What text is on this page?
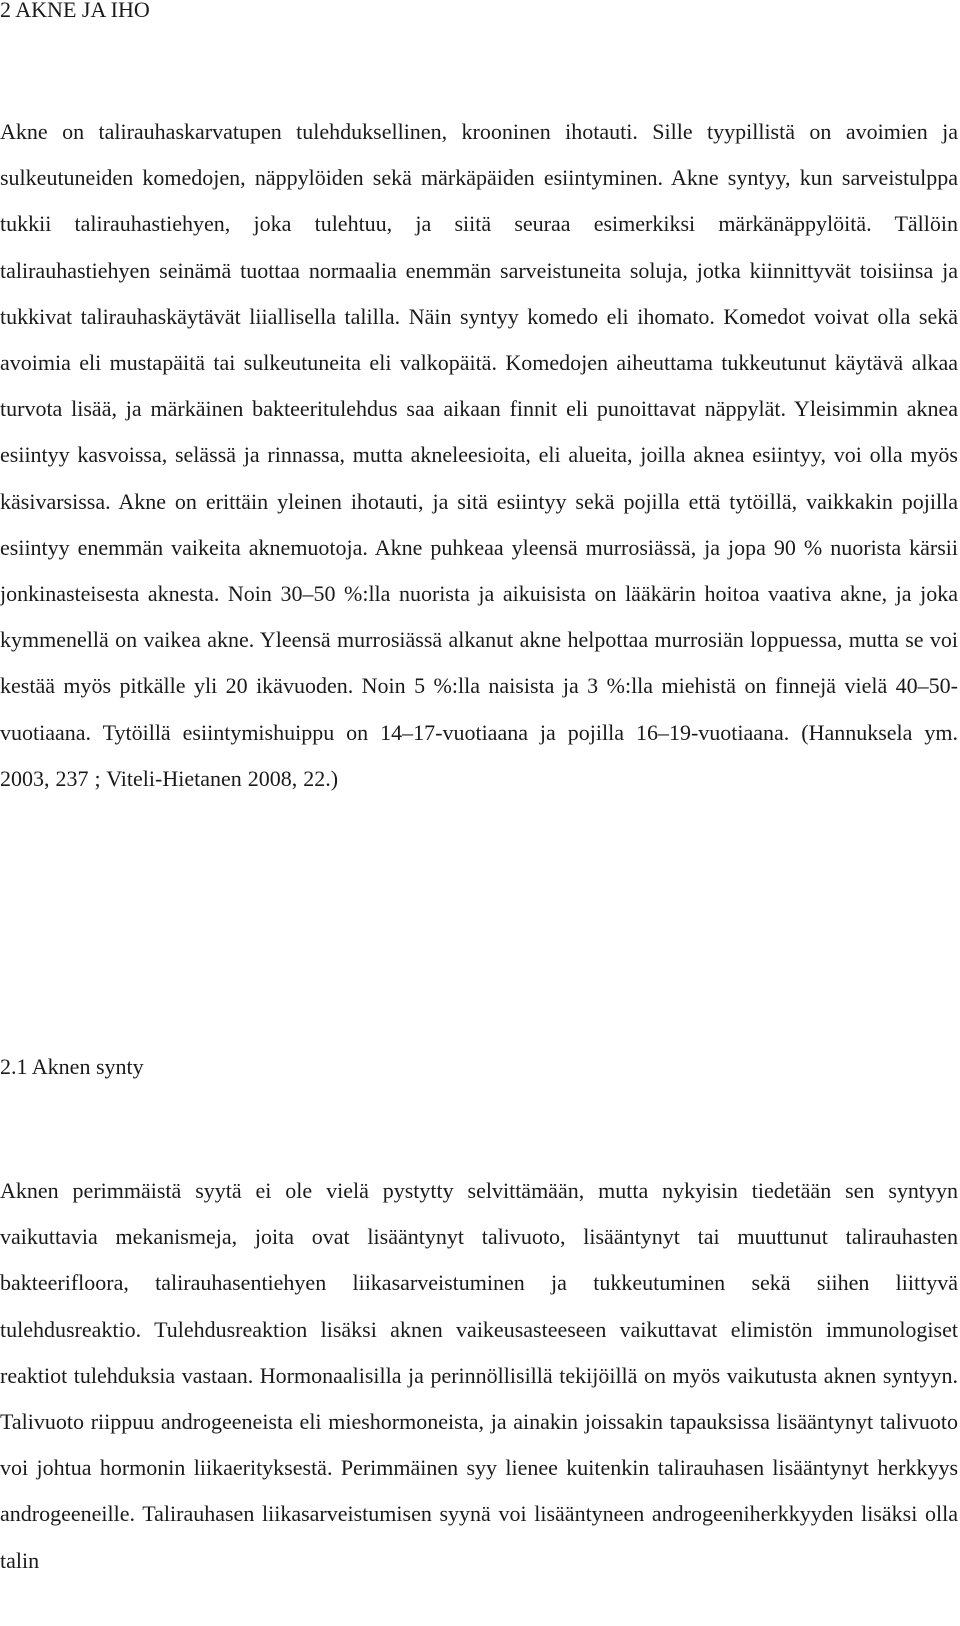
2 AKNE JA IHO

Akne on talirauhaskarvatupen tulehduksellinen, krooninen ihotauti. Sille tyypillistä on avoimien ja sulkeutuneiden komedojen, näppylöiden sekä märkäpäiden esiintyminen. Akne syntyy, kun sarveistulppa tukkii talirauhastiehyen, joka tulehtuu, ja siitä seuraa esimerkiksi märkänäppylöitä. Tällöin talirauhastiehyen seinämä tuottaa normaalia enemmän sarveistuneita soluja, jotka kiinnittyvät toisiinsa ja tukkivat talirauhaskäytävät liiallisella talilla. Näin syntyy komedo eli ihomato. Komedot voivat olla sekä avoimia eli mustapäitä tai sulkeutuneita eli valkopäitä. Komedojen aiheuttama tukkeutunut käytävä alkaa turvota lisää, ja märkäinen bakteeritulehdus saa aikaan finnit eli punoittavat näppylät. Yleisimmin aknea esiintyy kasvoissa, selässä ja rinnassa, mutta akneleesioita, eli alueita, joilla aknea esiintyy, voi olla myös käsivarsissa. Akne on erittäin yleinen ihotauti, ja sitä esiintyy sekä pojilla että tytöillä, vaikkakin pojilla esiintyy enemmän vaikeita aknemuotoja. Akne puhkeaa yleensä murrosiässä, ja jopa 90 % nuorista kärsii jonkinasteisesta aknesta. Noin 30–50 %:lla nuorista ja aikuisista on lääkärin hoitoa vaativa akne, ja joka kymmenellä on vaikea akne. Yleensä murrosiässä alkanut akne helpottaa murrosiän loppuessa, mutta se voi kestää myös pitkälle yli 20 ikävuoden. Noin 5 %:lla naisista ja 3 %:lla miehistä on finnejä vielä 40–50-vuotiaana. Tytöillä esiintymishuippu on 14–17-vuotiaana ja pojilla 16–19-vuotiaana. (Hannuksela ym. 2003, 237 ; Viteli-Hietanen 2008, 22.)

2.1 Aknen synty

Aknen perimmäistä syytä ei ole vielä pystytty selvittämään, mutta nykyisin tiedetään sen syntyyn vaikuttavia mekanismeja, joita ovat lisääntynyt talivuoto, lisääntynyt tai muuttunut talirauhasten bakteerifloora, talirauhasentiehyen liikasarveistuminen ja tukkeutuminen sekä siihen liittyvä tulehdusreaktio. Tulehdusreaktion lisäksi aknen vaikeusasteeseen vaikuttavat elimistön immunologiset reaktiot tulehduksia vastaan. Hormonaalisilla ja perinnöllisillä tekijöillä on myös vaikutusta aknen syntyyn. Talivuoto riippuu androgeeneista eli mieshormoneista, ja ainakin joissakin tapauksissa lisääntynyt talivuoto voi johtua hormonin liikaerityksestä. Perimmäinen syy lienee kuitenkin talirauhasen lisääntynyt herkkyys androgeeneille. Talirauhasen liikasarveistumisen syynä voi lisääntyneen androgeeniherkkyyden lisäksi olla talin
